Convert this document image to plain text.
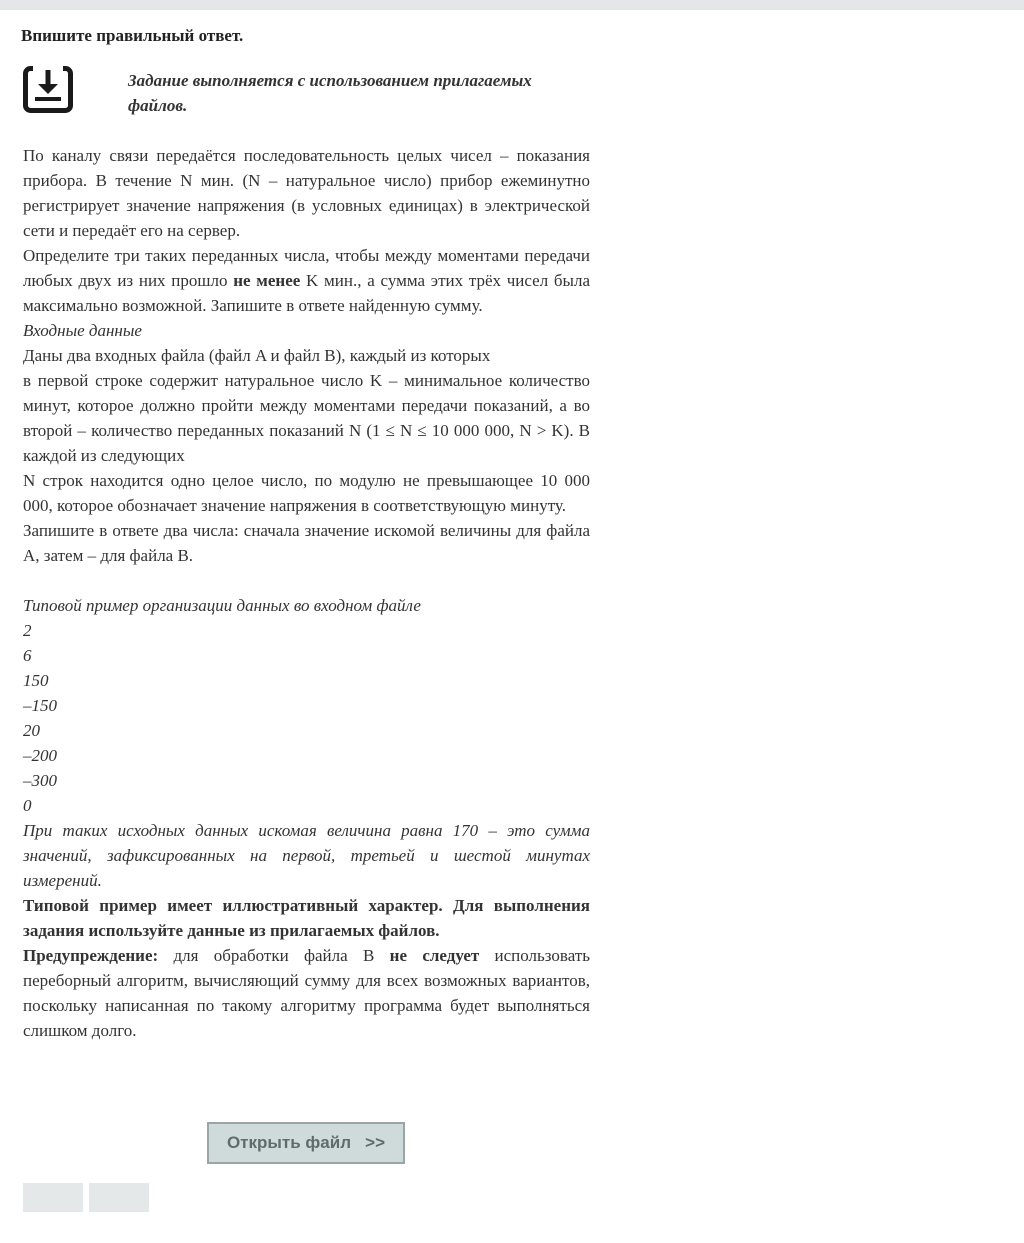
Впишите правильный ответ.
Задание выполняется с использованием прилагаемых файлов.
По каналу связи передаётся последовательность целых чисел – показания прибора. В течение N мин. (N – натуральное число) прибор ежеминутно регистрирует значение напряжения (в условных единицах) в электрической сети и передаёт его на сервер.
Определите три таких переданных числа, чтобы между моментами передачи любых двух из них прошло не менее K мин., а сумма этих трёх чисел была максимально возможной. Запишите в ответе найденную сумму.
Входные данные
Даны два входных файла (файл A и файл B), каждый из которых
в первой строке содержит натуральное число K – минимальное количество минут, которое должно пройти между моментами передачи показаний, а во второй – количество переданных показаний N (1 ≤ N ≤ 10 000 000, N > K). В каждой из следующих
N строк находится одно целое число, по модулю не превышающее 10 000 000, которое обозначает значение напряжения в соответствующую минуту.
Запишите в ответе два числа: сначала значение искомой величины для файла A, затем – для файла B.
Типовой пример организации данных во входном файле
2
6
150
–150
20
–200
–300
0
При таких исходных данных искомая величина равна 170 – это сумма значений, зафиксированных на первой, третьей и шестой минутах измерений.
Типовой пример имеет иллюстративный характер. Для выполнения задания используйте данные из прилагаемых файлов.
Предупреждение: для обработки файла B не следует использовать переборный алгоритм, вычисляющий сумму для всех возможных вариантов, поскольку написанная по такому алгоритму программа будет выполняться слишком долго.
Открыть файл   >>
